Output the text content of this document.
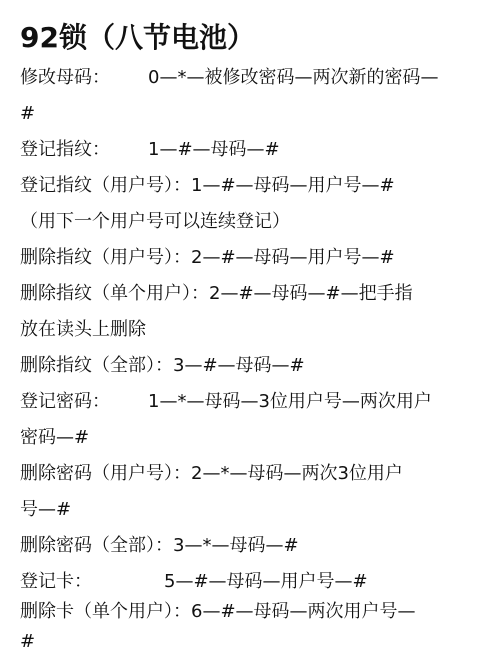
92锁（八节电池）
修改母码： 0—*—被修改密码—两次新的密码—
#
登记指纹： 1—#—母码—#
登记指纹（用户号）：1—#—母码—用户号—#
（用下一个用户号可以连续登记）
删除指纹（用户号）：2—#—母码—用户号—#
删除指纹（单个用户）：2—#—母码—#—把手指
放在读头上删除
删除指纹（全部）：3—#—母码—#
登记密码： 1—*—母码—3位用户号—两次用户
密码—#
删除密码（用户号）：2—*—母码—两次3位用户
号—#
删除密码（全部）：3—*—母码—#
登记卡：	5—#—母码—用户号—#
删除卡（单个用户）：6—#—母码—两次用户号—
#
